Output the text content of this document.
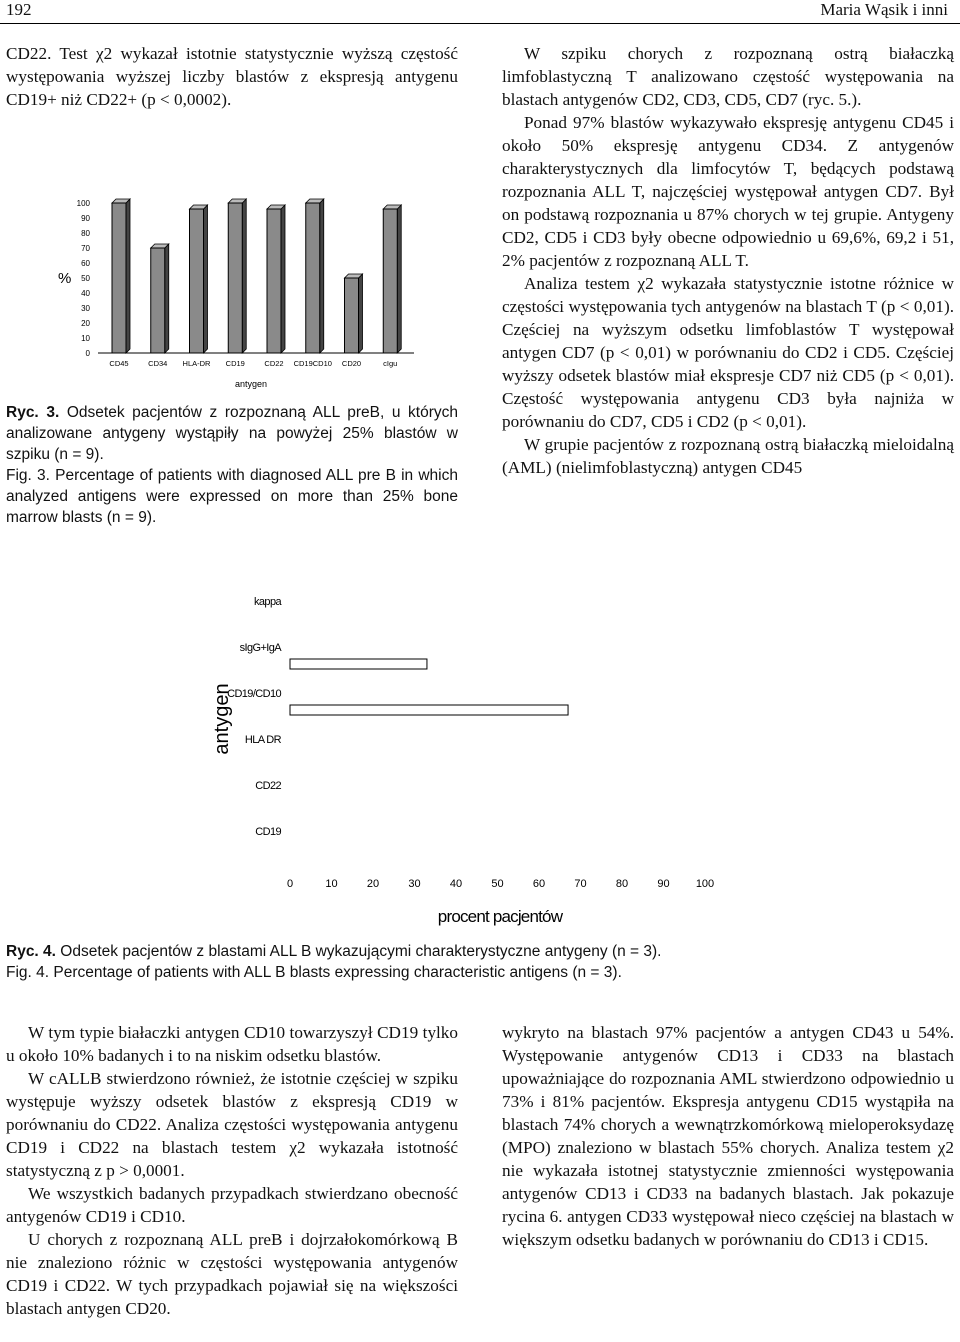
192	Maria Wąsik i inni

CD22. Test χ2 wykazał istotnie statystycznie wyższą częstość występowania wyższej liczby blastów z ekspresją antygenu CD19+ niż CD22+ (p < 0,0002).

%
0
10
20
30
40
50
60
70
80
90
100
CD45	CD34 HLA-DR CD19	CD22 CD19CD10 CD20	cIgu
antygen

Ryc. 3. Odsetek pacjentów z rozpoznaną ALL preB, u których analizowane antygeny wystąpiły na powyżej 25% blastów w szpiku (n = 9).

Fig. 3. Percentage of patients with diagnosed ALL pre B in which analyzed antigens were expressed on more than 25% bone marrow blasts (n = 9).

W szpiku chorych z rozpoznaną ostrą białaczką limfoblastyczną T analizowano częstość występowania na blastach antygenów CD2, CD3, CD5, CD7 (ryc. 5.).

Ponad 97% blastów wykazywało ekspresję antygenu CD45 i około 50% ekspresję antygenu CD34. Z antygenów charakterystycznych dla limfocytów T, będących podstawą rozpoznania ALL T, najczęściej występował antygen CD7. Był on podstawą rozpoznania u 87% chorych w tej grupie. Antygeny CD2, CD5 i CD3 były obecne odpowiednio u 69,6%, 69,2 i 51, 2% pacjentów z rozpoznaną ALL T.

Analiza testem χ2 wykazała statystycznie istotne różnice w częstości występowania tych antygenów na blastach T (p < 0,01). Częściej na wyższym odsetku limfoblastów T występował antygen CD7 (p < 0,01) w porównaniu do CD2 i CD5. Częściej wyższy odsetek blastów miał ekspresje CD7 niż CD5 (p < 0,01). Częstość występowania antygenu CD3 była najniża w porównaniu do CD7, CD5 i CD2 (p < 0,01).

W grupie pacjentów z rozpoznaną ostrą białaczką mieloidalną (AML) (nielimfoblastyczną) antygen CD45

antygen
kappa
sIgG+IgA
CD19/CD10
HLA DR
CD22
CD19
0	10	20	30	40	50	60	70	80	90 100
procent pacjentów

Ryc. 4. Odsetek pacjentów z blastami ALL B wykazującymi charakterystyczne antygeny (n = 3).

Fig. 4. Percentage of patients with ALL B blasts expressing characteristic antigens (n = 3).

W tym typie białaczki antygen CD10 towarzyszył CD19 tylko u około 10% badanych i to na niskim odsetku blastów.

W cALLB stwierdzono również, że istotnie częściej w szpiku występuje wyższy odsetek blastów z ekspresją CD19 w porównaniu do CD22. Analiza częstości występowania antygenu CD19 i CD22 na blastach testem χ2 wykazała istotność statystyczną z p > 0,0001.

We wszystkich badanych przypadkach stwierdzano obecność antygenów CD19 i CD10.

U chorych z rozpoznaną ALL preB i dojrzałokomórkową B nie znaleziono różnic w częstości występowania antygenów CD19 i CD22. W tych przypadkach pojawiał się na większości blastach antygen CD20.

wykryto na blastach 97% pacjentów a antygen CD43 u 54%. Występowanie antygenów CD13 i CD33 na blastach upoważniające do rozpoznania AML stwierdzono odpowiednio u 73% i 81% pacjentów. Ekspresja antygenu CD15 wystąpiła na blastach 74% chorych a wewnątrzkomórkową mieloperoksydazę (MPO) znaleziono w blastach 55% chorych. Analiza testem χ2 nie wykazała istotnej statystycznie zmienności występowania antygenów CD13 i CD33 na badanych blastach. Jak pokazuje rycina 6. antygen CD33 występował nieco częściej na blastach w większym odsetku badanych w porównaniu do CD13 i CD15.
